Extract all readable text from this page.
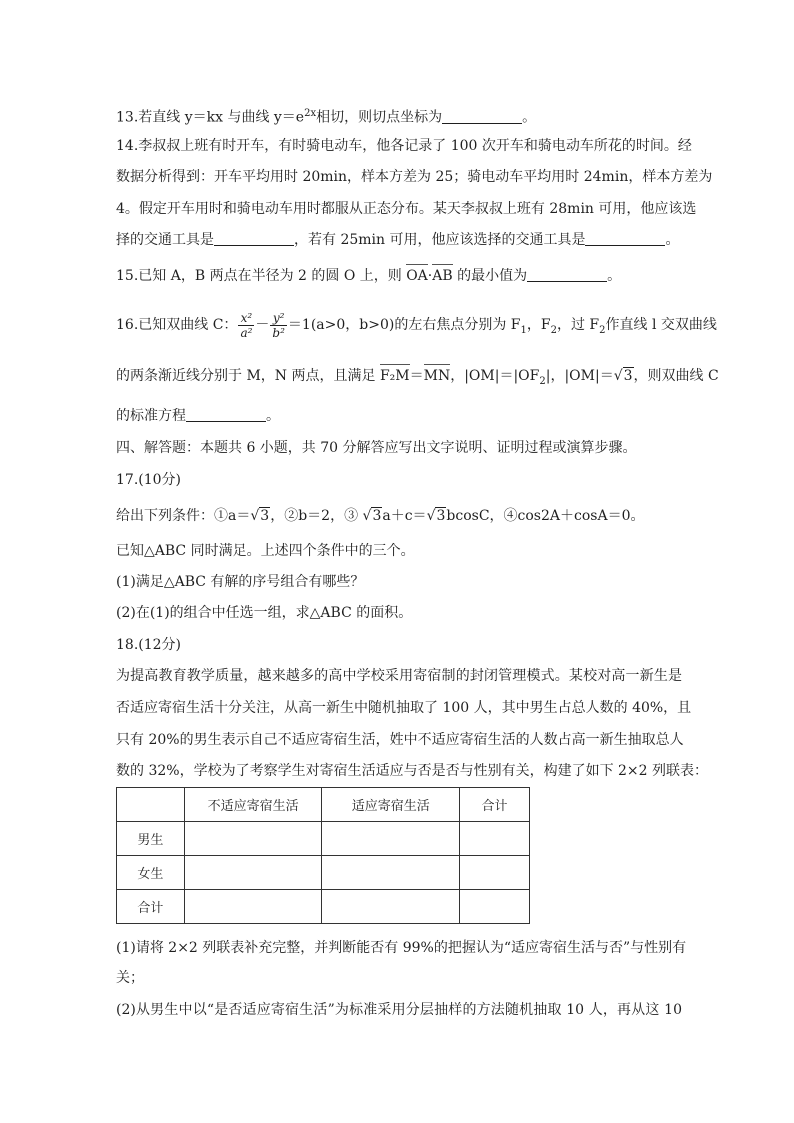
13.若直线 y＝kx 与曲线 $y=e^{2x}$相切，则切点坐标为	。
14.李叔叔上班有时开车，有时骑电动车，他各记录了 100 次开车和骑电动车所花的时间。经
数据分析得到：开车平均用时 20min，样本方差为 25；骑电动车平均用时 24min，样本方差为
4。假定开车用时和骑电动车用时都服从正态分布。某天李叔叔上班有 28min 可用，他应该选
择的交通工具是	，若有 25min 可用，他应该选择的交通工具是	。
15.已知 A，B 两点在半径为 2 的圆 O 上，则 OA·AB 的最小值为	。
16.已知双曲线 C： $\frac{\text{x²}}{\text{a²}} - \frac{\text{y²}}{\text{b²}} =1(a>0$，b>0)的左右焦点分别为 $F_1$，$F_2$，过 $F_2$作直线 l 交双曲线
的两条渐近线分别于 M，N 两点，且满足 F₂M＝MN，$|OM|=|OF_2|$，|OM|＝√3，则双曲线 C
的标准方程	。
四、解答题：本题共 6 小题，共 70 分解答应写出文字说明、证明过程或演算步骤。
17.(10分)
给出下列条件：①a＝√3，②b＝2，③ √3a＋c＝√3bcosC，④cos2A＋cosA＝0。
已知△ABC 同时满足。上述四个条件中的三个。
(1)满足△ABC 有解的序号组合有哪些？
(2)在(1)的组合中任选一组，求△ABC 的面积。
18.(12分)
为提高教育教学质量，越来越多的高中学校采用寄宿制的封闭管理模式。某校对高一新生是
否适应寄宿生活十分关注，从高一新生中随机抽取了 100 人，其中男生占总人数的 40%，且
只有 20%的男生表示自己不适应寄宿生活，姓中不适应寄宿生活的人数占高一新生抽取总人
数的 32%，学校为了考察学生对寄宿生活适应与否是否与性别有关，构建了如下 2×2 列联表：
	不适应寄宿生活	适应寄宿生活	合计
男生			
女生			
合计			
(1)请将 2×2 列联表补充完整，并判断能否有 99%的把握认为“适应寄宿生活与否”与性别有
关；
(2)从男生中以“是否适应寄宿生活”为标准采用分层抽样的方法随机抽取 10 人，再从这 10
